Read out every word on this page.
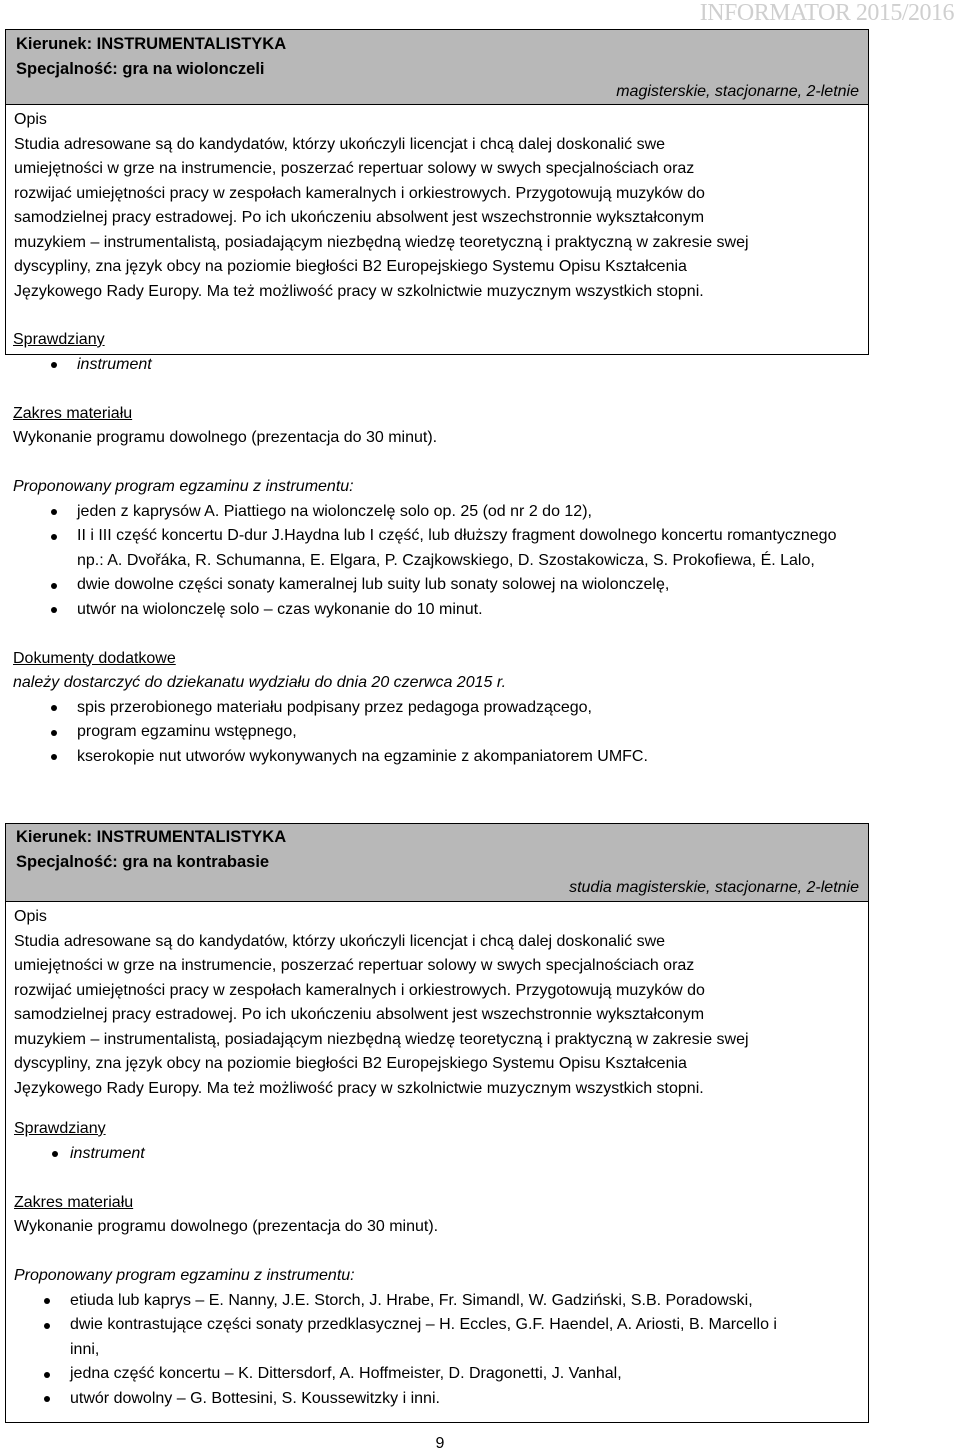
INFORMATOR 2015/2016
Kierunek: INSTRUMENTALISTYKA
Specjalność: gra na wiolonczeli
magisterskie, stacjonarne, 2-letnie

Opis

Studia adresowane są do kandydatów, którzy ukończyli licencjat i chcą dalej doskonalić swe

umiejętności w grze na instrumencie, poszerzać repertuar solowy w swych specjalnościach oraz

rozwijać umiejętności pracy w zespołach kameralnych i orkiestrowych. Przygotowują muzyków do

samodzielnej pracy estradowej. Po ich ukończeniu absolwent jest wszechstronnie wykształconym

muzykiem – instrumentalistą, posiadającym niezbędną wiedzę teoretyczną i praktyczną w zakresie swej

dyscypliny, zna język obcy na poziomie biegłości B2 Europejskiego Systemu Opisu Kształcenia

Językowego Rady Europy. Ma też możliwość pracy w szkolnictwie muzycznym wszystkich stopni.

Sprawdziany

instrument

Zakres materiału

Wykonanie programu dowolnego (prezentacja do 30 minut).

Proponowany program egzaminu z instrumentu:

jeden z kaprysów A. Piattiego na wiolonczelę solo op. 25 (od nr 2 do 12),
II i III część koncertu D-dur J.Haydna lub I część, lub dłuższy fragment dowolnego koncertu romantycznego np.: A. Dvořáka, R. Schumanna, E. Elgara, P. Czajkowskiego, D. Szostakowicza, S. Prokofiewa, É. Lalo,
dwie dowolne części sonaty kameralnej lub suity lub sonaty solowej na wiolonczelę,
utwór na wiolonczelę solo – czas wykonanie do 10 minut.

Dokumenty dodatkowe

należy dostarczyć do dziekanatu wydziału do dnia 20 czerwca 2015 r.

spis przerobionego materiału podpisany przez pedagoga prowadzącego,
program egzaminu wstępnego,
kserokopie nut utworów wykonywanych na egzaminie z akompaniatorem UMFC.
Kierunek: INSTRUMENTALISTYKA
Specjalność: gra na kontrabasie
studia magisterskie, stacjonarne, 2-letnie

Opis

Studia adresowane są do kandydatów, którzy ukończyli licencjat i chcą dalej doskonalić swe

umiejętności w grze na instrumencie, poszerzać repertuar solowy w swych specjalnościach oraz

rozwijać umiejętności pracy w zespołach kameralnych i orkiestrowych. Przygotowują muzyków do

samodzielnej pracy estradowej. Po ich ukończeniu absolwent jest wszechstronnie wykształconym

muzykiem – instrumentalistą, posiadającym niezbędną wiedzę teoretyczną i praktyczną w zakresie swej

dyscypliny, zna język obcy na poziomie biegłości B2 Europejskiego Systemu Opisu Kształcenia

Językowego Rady Europy. Ma też możliwość pracy w szkolnictwie muzycznym wszystkich stopni.

Sprawdziany

instrument

Zakres materiału

Wykonanie programu dowolnego (prezentacja do 30 minut).

Proponowany program egzaminu z instrumentu:

etiuda lub kaprys – E. Nanny, J.E. Storch, J. Hrabe, Fr. Simandl, W. Gadziński, S.B. Poradowski,
dwie kontrastujące części sonaty przedklasycznej – H. Eccles, G.F. Haendel, A. Ariosti, B. Marcello i inni,
jedna część koncertu – K. Dittersdorf, A. Hoffmeister, D. Dragonetti, J. Vanhal,
utwór dowolny – G. Bottesini, S. Koussewitzky i inni.
9
